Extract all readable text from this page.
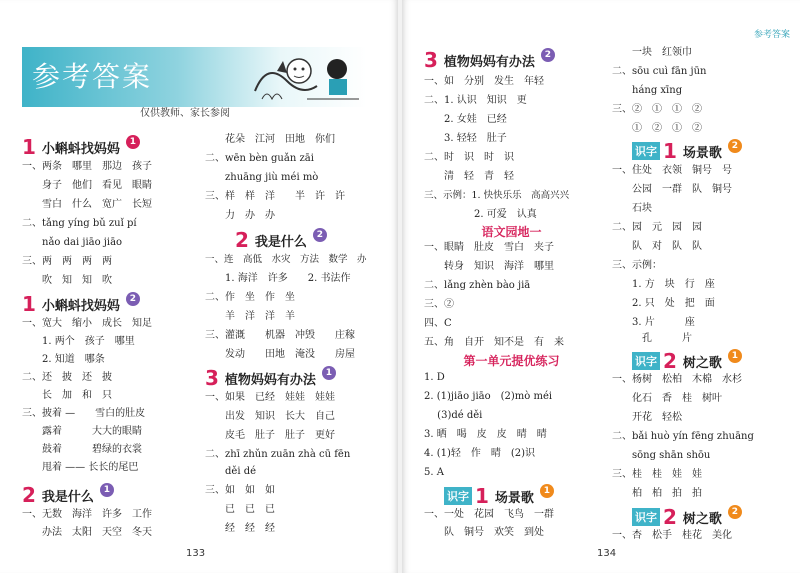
参考答案
仅供教师、家长参阅
1 小蝌蚪找妈妈	1
一、两条　哪里　那边　孩子
　　身子　他们　看见　眼睛
　　雪白　什么　宽广　长短
二、tǎng yíng bǔ zuǐ pí
　　nǎo dai jiāo jiāo
三、两　两　两　两
　　吹　知　知　吹
1 小蝌蚪找妈妈	2
一、宽大　缩小　成长　知足
　　1. 两个　孩子　哪里
　　2. 知道　哪条
二、还　披　还　披
　　长　加　和　只
三、披着 —　　雪白的肚皮
　　露着　　　大大的眼睛
　　鼓着　　　碧绿的衣裳
　　甩着 —— 长长的尾巴
2 我是什么	1
一、无数　海洋　许多　工作
　　办法　太阳　天空　冬天
　　花朵　江河　田地　你们
二、wēn bèn guǎn zāi
　　zhuāng jiù méi mò
三、样　样　洋　　半　许　许
　　力　办　办
2 我是什么	2
一、连　高低　水灾　方法　数学　办
　　1. 海洋　许多　　2. 书法作
二、作　坐　作　坐
　　羊　洋　洋　羊
三、灌溉　　机器　冲毁　　庄稼
　　发动　　田地　淹没　　房屋
3 植物妈妈有办法	1
一、如果　已经　娃娃　娃娃
　　出发　知识　长大　自己
　　皮毛　肚子　肚子　更好
二、zhī zhǔn zuān zhà cū fēn
　　děi dé
三、如　如　如
　　已　已　已
　　经　经　经
133
参考答案
3 植物妈妈有办法	2
一、如　分别　发生　年轻
二、1. 认识　知识　更
　　2. 女娃　已经
　　3. 轻轻　肚子
二、时　识　时　识
　　清　轻　青　轻
三、示例：1. 快快乐乐　高高兴兴
　　　　　2. 可爱　认真
语文园地一
一、眼睛　肚皮　雪白　夹子
　　转身　知识　海洋　哪里
二、lǎng zhèn bào jiā
三、②
四、C
五、角　自开　知不是　有　来
第一单元提优练习
1. D
2. (1)jiāo jiāo　(2)mò méi
　 (3)dé děi
3. 晒　喝　皮　皮　晴　晴
4. (1)轻　作　晴　(2)识
5. A
识字 1 场景歌	1
一、一处　花园　飞鸟　一群
　　队　铜号　欢笑　到处
　　一块　红领巾
二、sōu cuì fān jūn
　　háng xīng
三、②　①　①　②
　　①　②　①　②
识字 1 场景歌	2
一、住处　衣领　铜号　号
　　公园　一群　队　铜号
　　石块
二、园　元　园　园
　　队　对　队　队
三、示例：
　　1. 方　块　行　座
　　2. 只　处　把　面
　　3. 片　　　座
　　　孔　　　片
识字 2 树之歌	1
一、杨树　松柏　木棉　水杉
　　化石　香　桂　树叶
　　开花　轻松
二、bǎi huò yín fēng zhuāng
　　sōng shān shōu
三、桂　桂　娃　娃
　　柏　柏　拍　拍
识字 2 树之歌	2
一、杏　松手　桂花　美化
134
